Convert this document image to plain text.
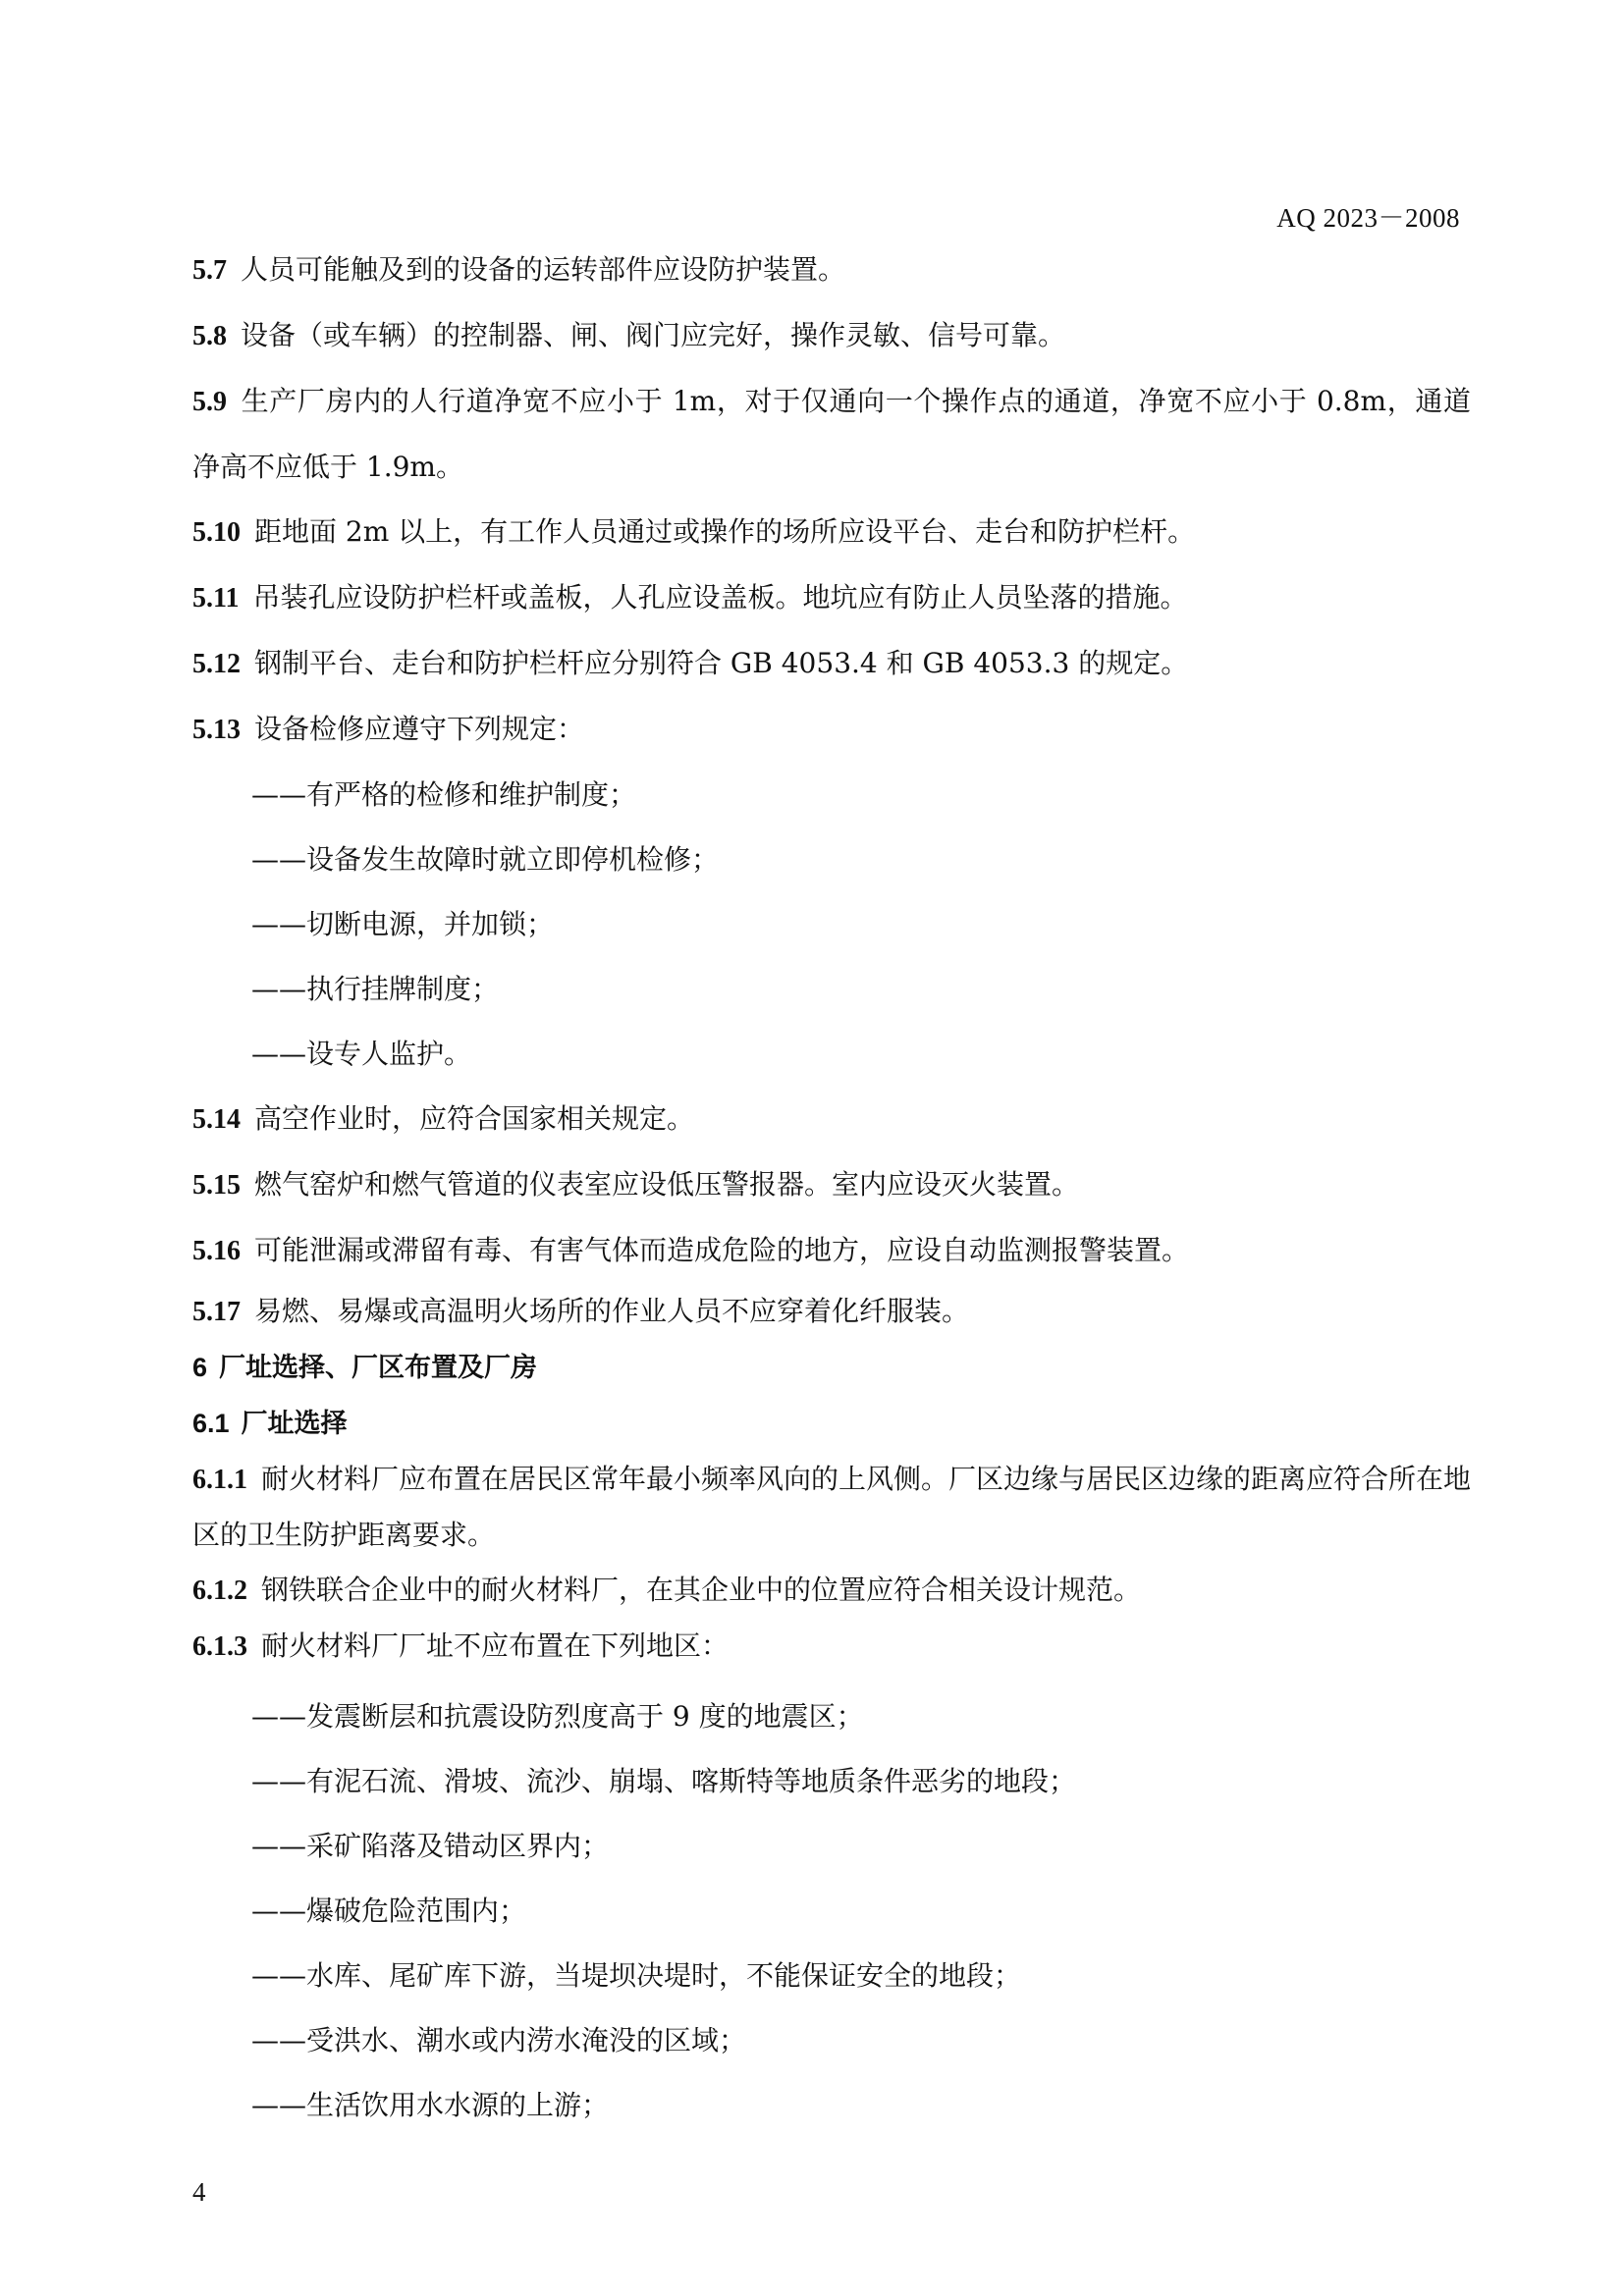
AQ 2023－2008

5.7 人员可能触及到的设备的运转部件应设防护装置。

5.8 设备（或车辆）的控制器、闸、阀门应完好，操作灵敏、信号可靠。

5.9 生产厂房内的人行道净宽不应小于 1m，对于仅通向一个操作点的通道，净宽不应小于 0.8m，通道净高不应低于 1.9m。

5.10 距地面 2m 以上，有工作人员通过或操作的场所应设平台、走台和防护栏杆。

5.11 吊装孔应设防护栏杆或盖板，人孔应设盖板。地坑应有防止人员坠落的措施。

5.12 钢制平台、走台和防护栏杆应分别符合 GB 4053.4 和 GB 4053.3 的规定。

5.13 设备检修应遵守下列规定：

——有严格的检修和维护制度；

——设备发生故障时就立即停机检修；

——切断电源，并加锁；

——执行挂牌制度；

——设专人监护。

5.14 高空作业时，应符合国家相关规定。

5.15 燃气窑炉和燃气管道的仪表室应设低压警报器。室内应设灭火装置。

5.16 可能泄漏或滞留有毒、有害气体而造成危险的地方，应设自动监测报警装置。

5.17 易燃、易爆或高温明火场所的作业人员不应穿着化纤服装。

6 厂址选择、厂区布置及厂房

6.1 厂址选择

6.1.1 耐火材料厂应布置在居民区常年最小频率风向的上风侧。厂区边缘与居民区边缘的距离应符合所在地区的卫生防护距离要求。

6.1.2 钢铁联合企业中的耐火材料厂，在其企业中的位置应符合相关设计规范。

6.1.3 耐火材料厂厂址不应布置在下列地区：

——发震断层和抗震设防烈度高于 9 度的地震区；

——有泥石流、滑坡、流沙、崩塌、喀斯特等地质条件恶劣的地段；

——采矿陷落及错动区界内；

——爆破危险范围内；

——水库、尾矿库下游，当堤坝决堤时，不能保证安全的地段；

——受洪水、潮水或内涝水淹没的区域；

——生活饮用水水源的上游；

4
